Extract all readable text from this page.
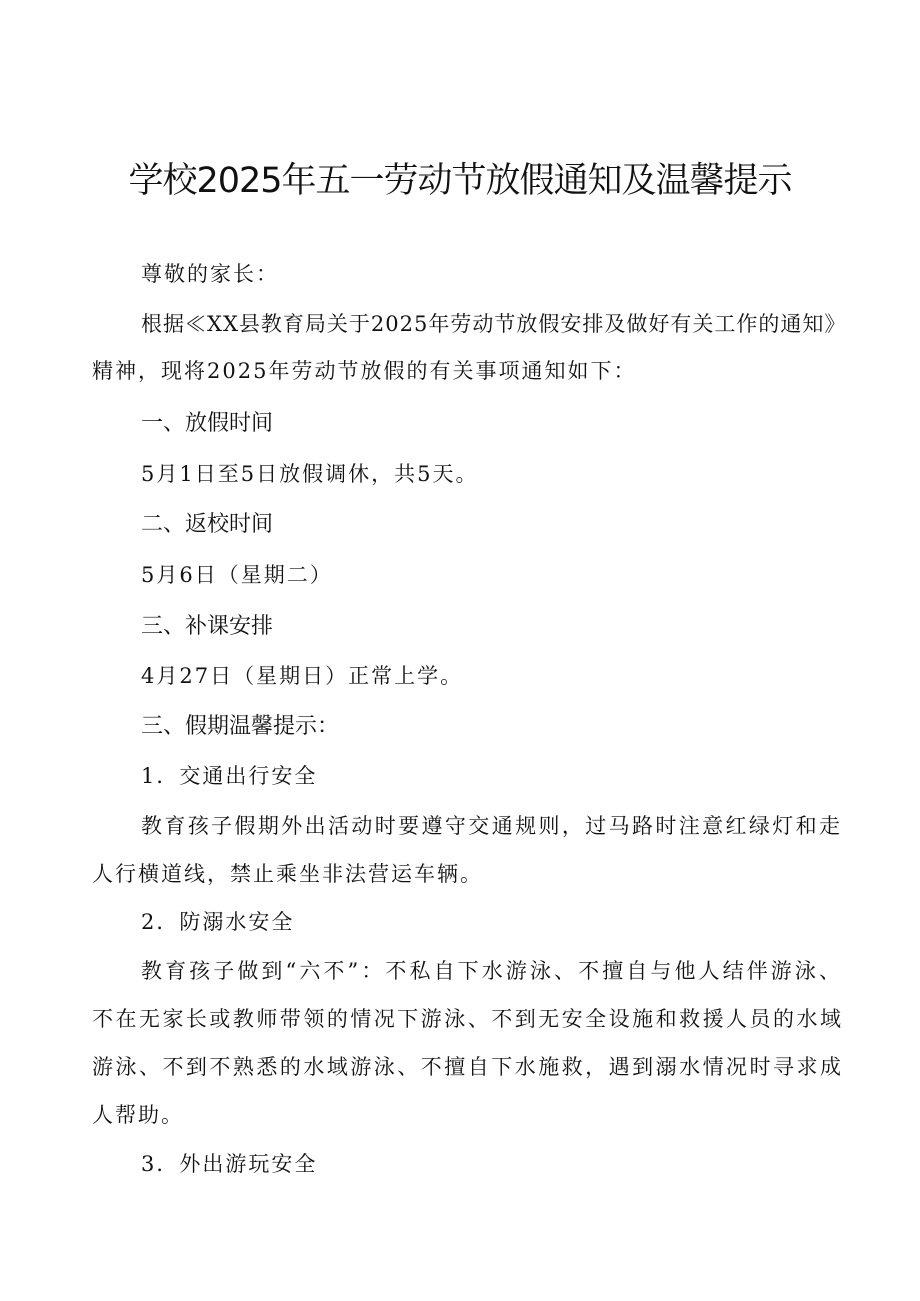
学校2025年五一劳动节放假通知及温馨提示
尊敬的家长：
根据≪XX县教育局关于2025年劳动节放假安排及做好有关工作的通知》
精神，现将2025年劳动节放假的有关事项通知如下：
一、放假时间
5月1日至5日放假调休，共5天。
二、返校时间
5月6日（星期二）
三、补课安排
4月27日（星期日）正常上学。
三、假期温馨提示：
1．交通出行安全
教育孩子假期外出活动时要遵守交通规则，过马路时注意红绿灯和走
人行横道线，禁止乘坐非法营运车辆。
2．防溺水安全
教育孩子做到“六不”：不私自下水游泳、不擅自与他人结伴游泳、
不在无家长或教师带领的情况下游泳、不到无安全设施和救援人员的水域
游泳、不到不熟悉的水域游泳、不擅自下水施救，遇到溺水情况时寻求成
人帮助。
3．外出游玩安全
